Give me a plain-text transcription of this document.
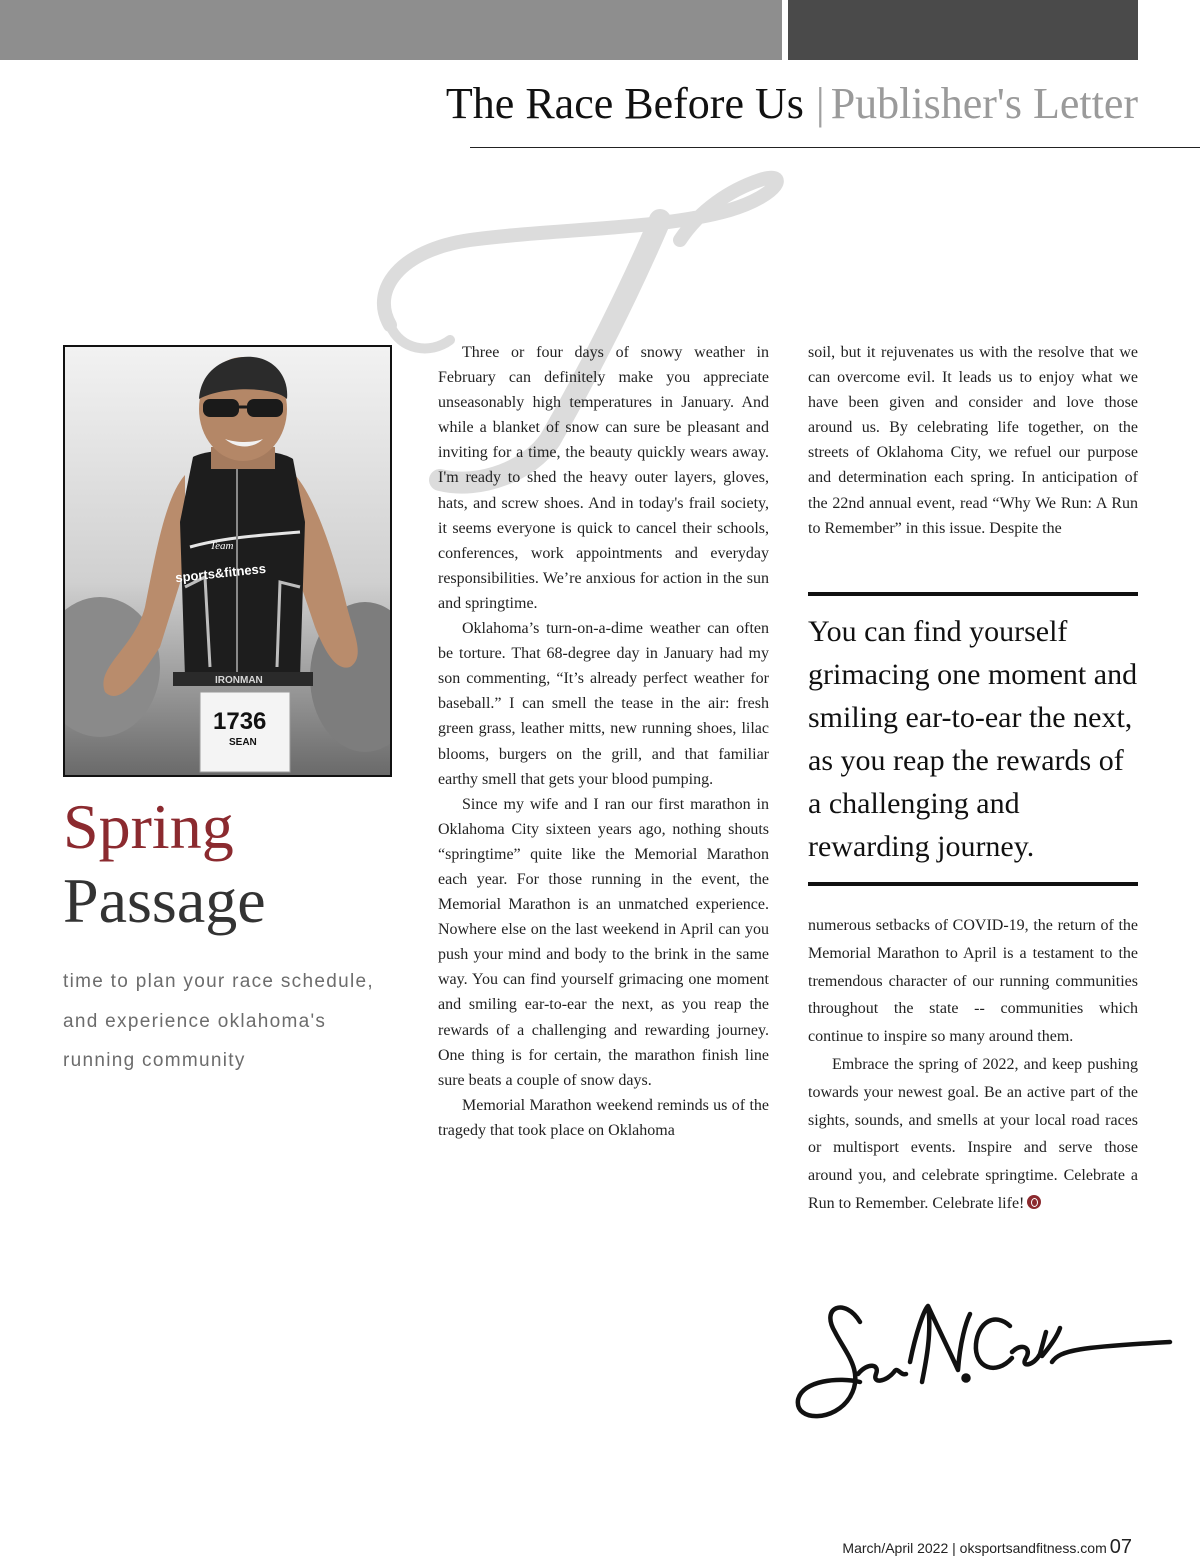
The Race Before Us | Publisher's Letter
Team
sports&fitness
IRONMAN
1736
SEAN
Spring
Passage
time to plan your race schedule, and experience oklahoma's running community

Three or four days of snowy weather in February can definitely make you appreciate unseasonably high temperatures in January. And while a blanket of snow can sure be pleasant and inviting for a time, the beauty quickly wears away. I'm ready to shed the heavy outer layers, gloves, hats, and screw shoes. And in today's frail society, it seems everyone is quick to cancel their schools, conferences, work appointments and everyday responsibilities. We’re anxious for action in the sun and springtime.

Oklahoma’s turn-on-a-dime weather can often be torture. That 68-degree day in January had my son commenting, “It’s already perfect weather for baseball.” I can smell the tease in the air: fresh green grass, leather mitts, new running shoes, lilac blooms, burgers on the grill, and that familiar earthy smell that gets your blood pumping.

Since my wife and I ran our first marathon in Oklahoma City sixteen years ago, nothing shouts “springtime” quite like the Memorial Marathon each year. For those running in the event, the Memorial Marathon is an unmatched experience. Nowhere else on the last weekend in April can you push your mind and body to the brink in the same way. You can find yourself grimacing one moment and smiling ear-to-ear the next, as you reap the rewards of a challenging and rewarding journey. One thing is for certain, the marathon finish line sure beats a couple of snow days.

Memorial Marathon weekend reminds us of the tragedy that took place on Oklahoma

soil, but it rejuvenates us with the resolve that we can overcome evil. It leads us to enjoy what we have been given and consider and love those around us. By celebrating life together, on the streets of Oklahoma City, we refuel our purpose and determination each spring. In anticipation of the 22nd annual event, read “Why We Run: A Run to Remember” in this issue. Despite the

You can find yourself grimacing one moment and smiling ear-to-ear the next, as you reap the rewards of a challenging and rewarding journey.

numerous setbacks of COVID-19, the return of the Memorial Marathon to April is a testament to the tremendous character of our running communities throughout the state -- communities which continue to inspire so many around them.

Embrace the spring of 2022, and keep pushing towards your newest goal. Be an active part of the sights, sounds, and smells at your local road races or multisport events. Inspire and serve those around you, and celebrate springtime. Celebrate a Run to Remember. Celebrate life!

March/April 2022 | oksportsandfitness.com 07
